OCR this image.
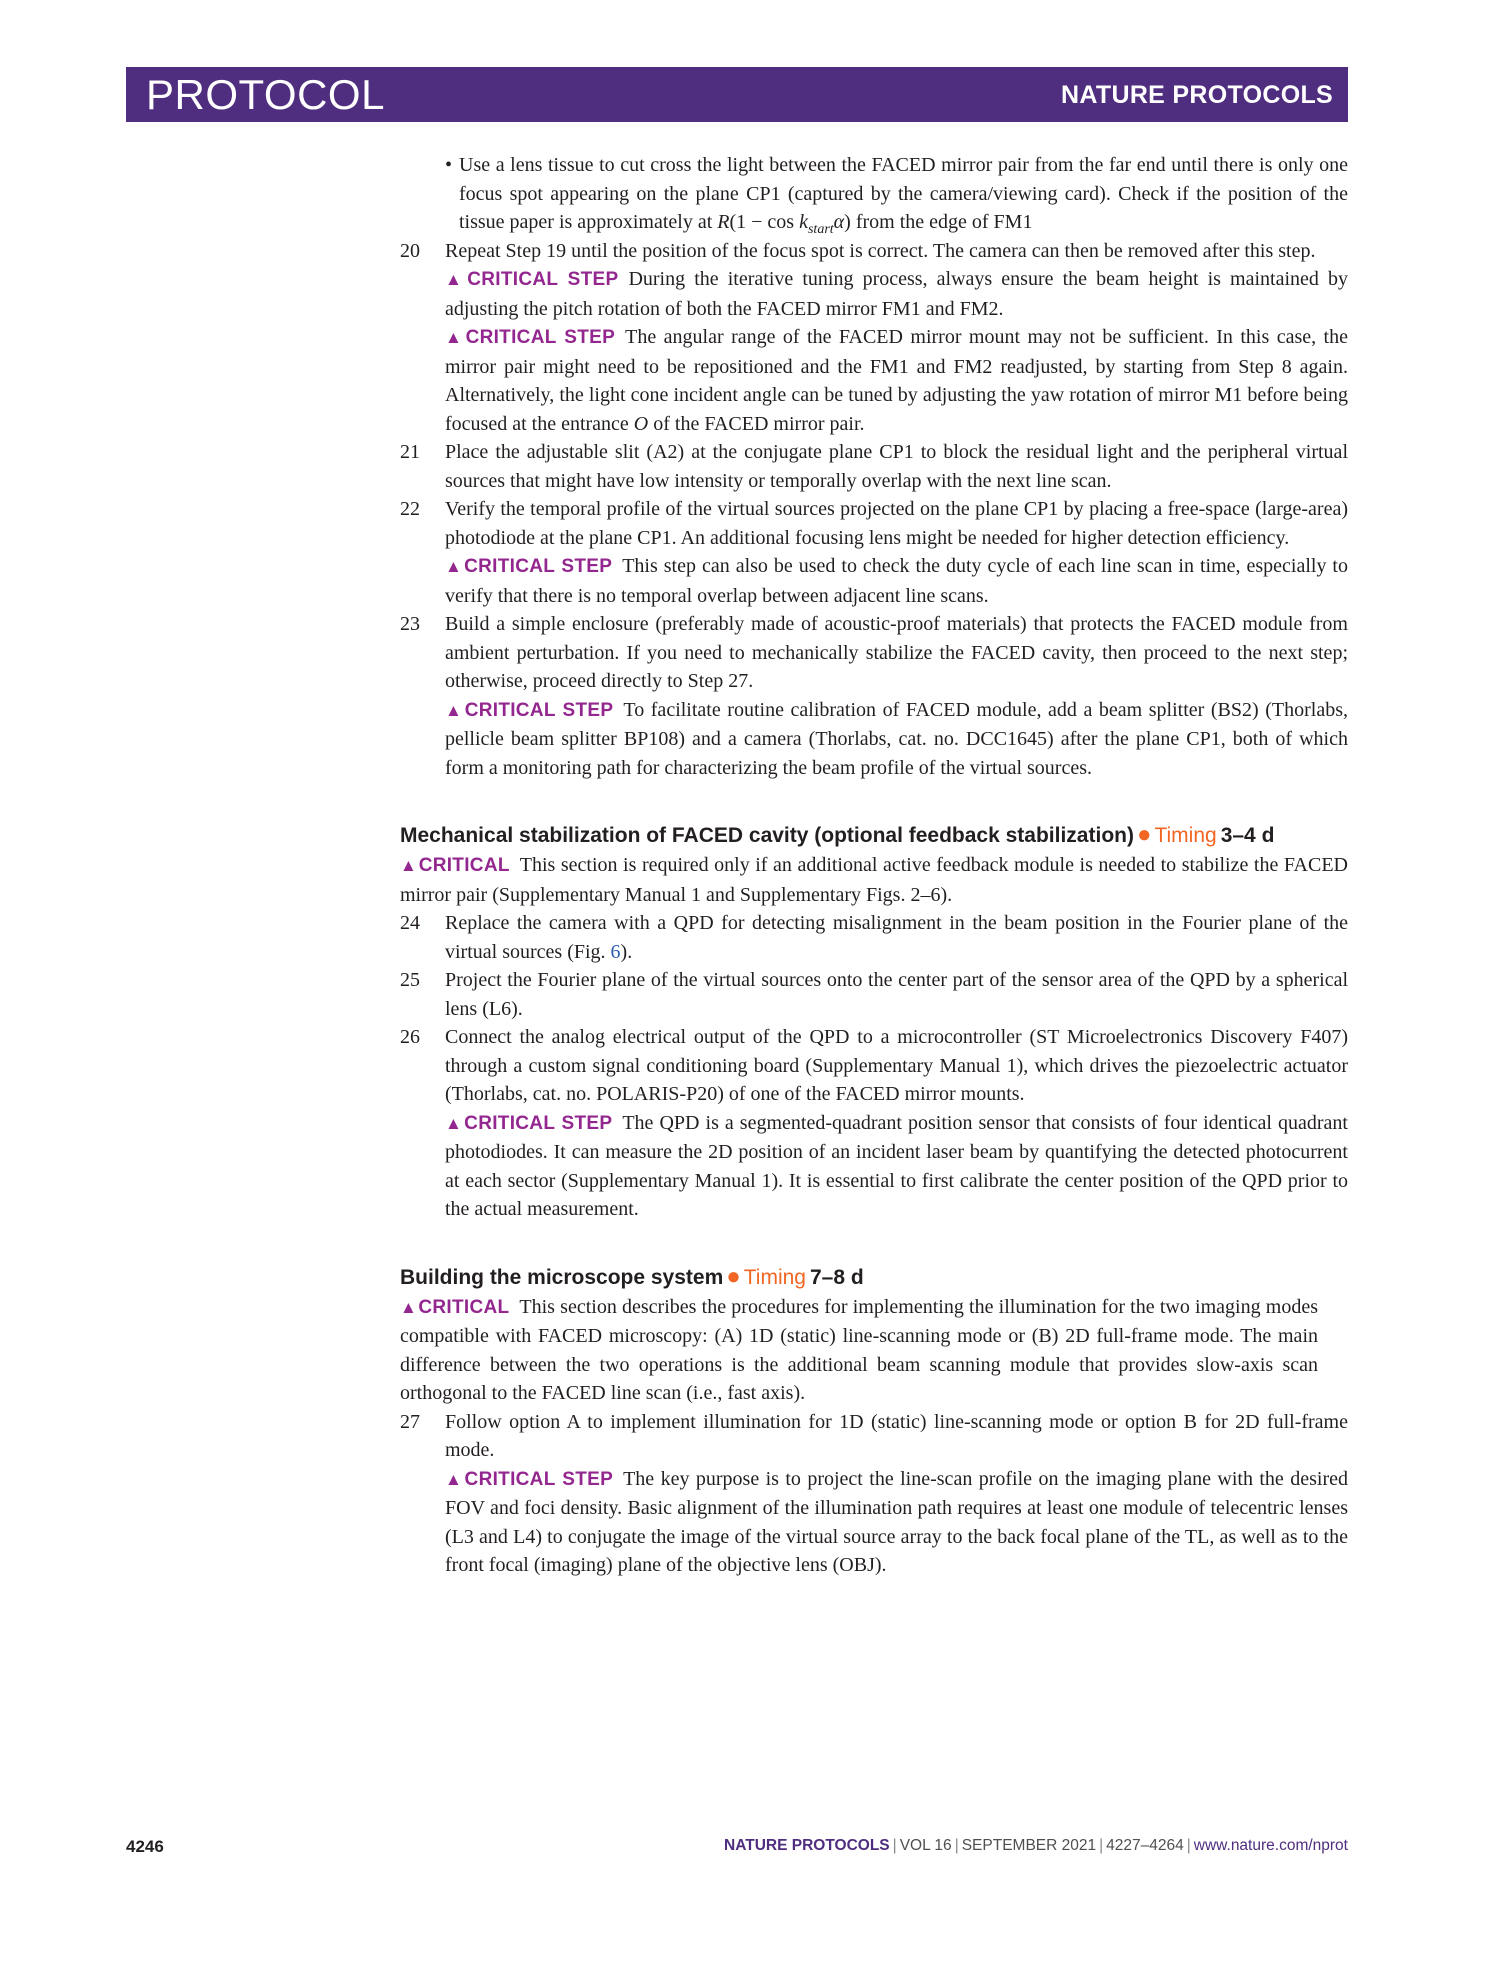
PROTOCOL	NATURE PROTOCOLS
• Use a lens tissue to cut cross the light between the FACED mirror pair from the far end until there is only one focus spot appearing on the plane CP1 (captured by the camera/viewing card). Check if the position of the tissue paper is approximately at $R(1 - \cos k_{start}\alpha)$ from the edge of FM1
20 Repeat Step 19 until the position of the focus spot is correct. The camera can then be removed after this step.
▲CRITICAL STEP During the iterative tuning process, always ensure the beam height is maintained by adjusting the pitch rotation of both the FACED mirror FM1 and FM2.
▲CRITICAL STEP The angular range of the FACED mirror mount may not be sufficient. In this case, the mirror pair might need to be repositioned and the FM1 and FM2 readjusted, by starting from Step 8 again. Alternatively, the light cone incident angle can be tuned by adjusting the yaw rotation of mirror M1 before being focused at the entrance O of the FACED mirror pair.
21 Place the adjustable slit (A2) at the conjugate plane CP1 to block the residual light and the peripheral virtual sources that might have low intensity or temporally overlap with the next line scan.
22 Verify the temporal profile of the virtual sources projected on the plane CP1 by placing a free-space (large-area) photodiode at the plane CP1. An additional focusing lens might be needed for higher detection efficiency.
▲CRITICAL STEP This step can also be used to check the duty cycle of each line scan in time, especially to verify that there is no temporal overlap between adjacent line scans.
23 Build a simple enclosure (preferably made of acoustic-proof materials) that protects the FACED module from ambient perturbation. If you need to mechanically stabilize the FACED cavity, then proceed to the next step; otherwise, proceed directly to Step 27.
▲CRITICAL STEP To facilitate routine calibration of FACED module, add a beam splitter (BS2) (Thorlabs, pellicle beam splitter BP108) and a camera (Thorlabs, cat. no. DCC1645) after the plane CP1, both of which form a monitoring path for characterizing the beam profile of the virtual sources.
Mechanical stabilization of FACED cavity (optional feedback stabilization) ● Timing 3–4 d
▲CRITICAL This section is required only if an additional active feedback module is needed to stabilize the FACED mirror pair (Supplementary Manual 1 and Supplementary Figs. 2–6).
24 Replace the camera with a QPD for detecting misalignment in the beam position in the Fourier plane of the virtual sources (Fig. 6).
25 Project the Fourier plane of the virtual sources onto the center part of the sensor area of the QPD by a spherical lens (L6).
26 Connect the analog electrical output of the QPD to a microcontroller (ST Microelectronics Discovery F407) through a custom signal conditioning board (Supplementary Manual 1), which drives the piezoelectric actuator (Thorlabs, cat. no. POLARIS-P20) of one of the FACED mirror mounts.
▲CRITICAL STEP The QPD is a segmented-quadrant position sensor that consists of four identical quadrant photodiodes. It can measure the 2D position of an incident laser beam by quantifying the detected photocurrent at each sector (Supplementary Manual 1). It is essential to first calibrate the center position of the QPD prior to the actual measurement.
Building the microscope system ● Timing 7–8 d
▲CRITICAL This section describes the procedures for implementing the illumination for the two imaging modes compatible with FACED microscopy: (A) 1D (static) line-scanning mode or (B) 2D full-frame mode. The main difference between the two operations is the additional beam scanning module that provides slow-axis scan orthogonal to the FACED line scan (i.e., fast axis).
27 Follow option A to implement illumination for 1D (static) line-scanning mode or option B for 2D full-frame mode.
▲CRITICAL STEP The key purpose is to project the line-scan profile on the imaging plane with the desired FOV and foci density. Basic alignment of the illumination path requires at least one module of telecentric lenses (L3 and L4) to conjugate the image of the virtual source array to the back focal plane of the TL, as well as to the front focal (imaging) plane of the objective lens (OBJ).
4246	NATURE PROTOCOLS | VOL 16 | SEPTEMBER 2021 | 4227–4264 | www.nature.com/nprot
